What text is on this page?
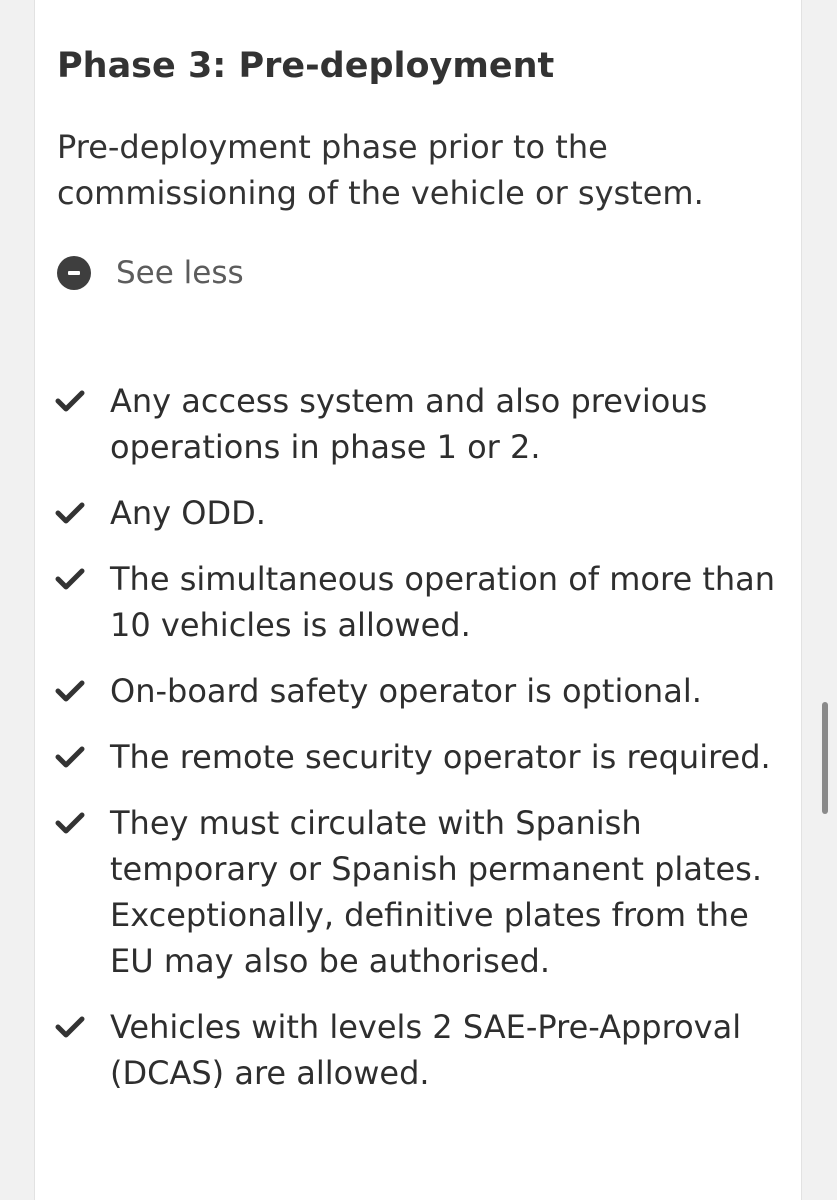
Phase 3: Pre-deployment

Pre-deployment phase prior to the commissioning of the vehicle or system.

See less
Any access system and also previous operations in phase 1 or 2.
Any ODD.
The simultaneous operation of more than 10 vehicles is allowed.
On-board safety operator is optional.
The remote security operator is required.
They must circulate with Spanish temporary or Spanish permanent plates. Exceptionally, definitive plates from the EU may also be authorised.
Vehicles with levels 2 SAE-Pre-Approval (DCAS) are allowed.
